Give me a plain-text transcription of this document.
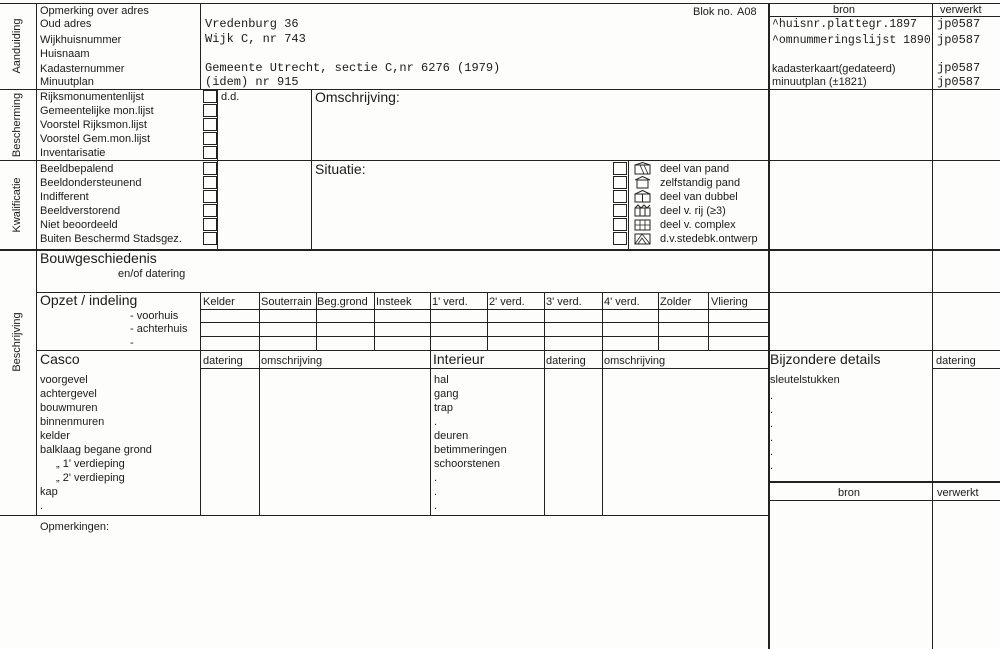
Aanduiding
Bescherming
Kwalificatie
Beschrijving
Opmerking over adres
Oud adres
Wijkhuisnummer
Huisnaam
Kadasternummer
Minuutplan
Vredenburg 36
Wijk C, nr 743
Gemeente Utrecht, sectie C,nr 6276 (1979)
(idem) nr 915
Blok no. A08	bron	verwerkt
^huisnr.plattegr.1897 jp0587
^omnummeringslijst 1890 jp0587
kadasterkaart(gedateerd)	jp0587
minuutplan (±1821)	jp0587
Rijksmonumentenlijst
Gemeentelijke mon.lijst
Voorstel Rijksmon.lijst
Voorstel Gem.mon.lijst
Inventarisatie
d.d.	Omschrijving:
Beeldbepalend
Beeldondersteunend
Indifferent
Beeldverstorend
Niet beoordeeld
Buiten Beschermd Stadsgez.
Situatie:	deel van pand
zelfstandig pand
deel van dubbel
deel v. rij (≥3)
deel v. complex
d.v.stedebk.ontwerp
Bouwgeschiedenis
en/of datering
Opzet / indeling
- voorhuis
- achterhuis
-
Kelder Souterrain Beg.grond Insteek 1' verd. 2' verd. 3' verd. 4' verd. Zolder Vliering
Casco	datering omschrijving
voorgevel
achtergevel
bouwmuren
binnenmuren
kelder
balklaag begane grond
„ 1' verdieping
„ 2' verdieping
kap
.
Interieur	datering omschrijving
hal
gang
trap
.
deuren
betimmeringen
schoorstenen
.
.
.
Bijzondere details	datering
sleutelstukken
.
.
.
.
.
.
bron	verwerkt
Opmerkingen:
